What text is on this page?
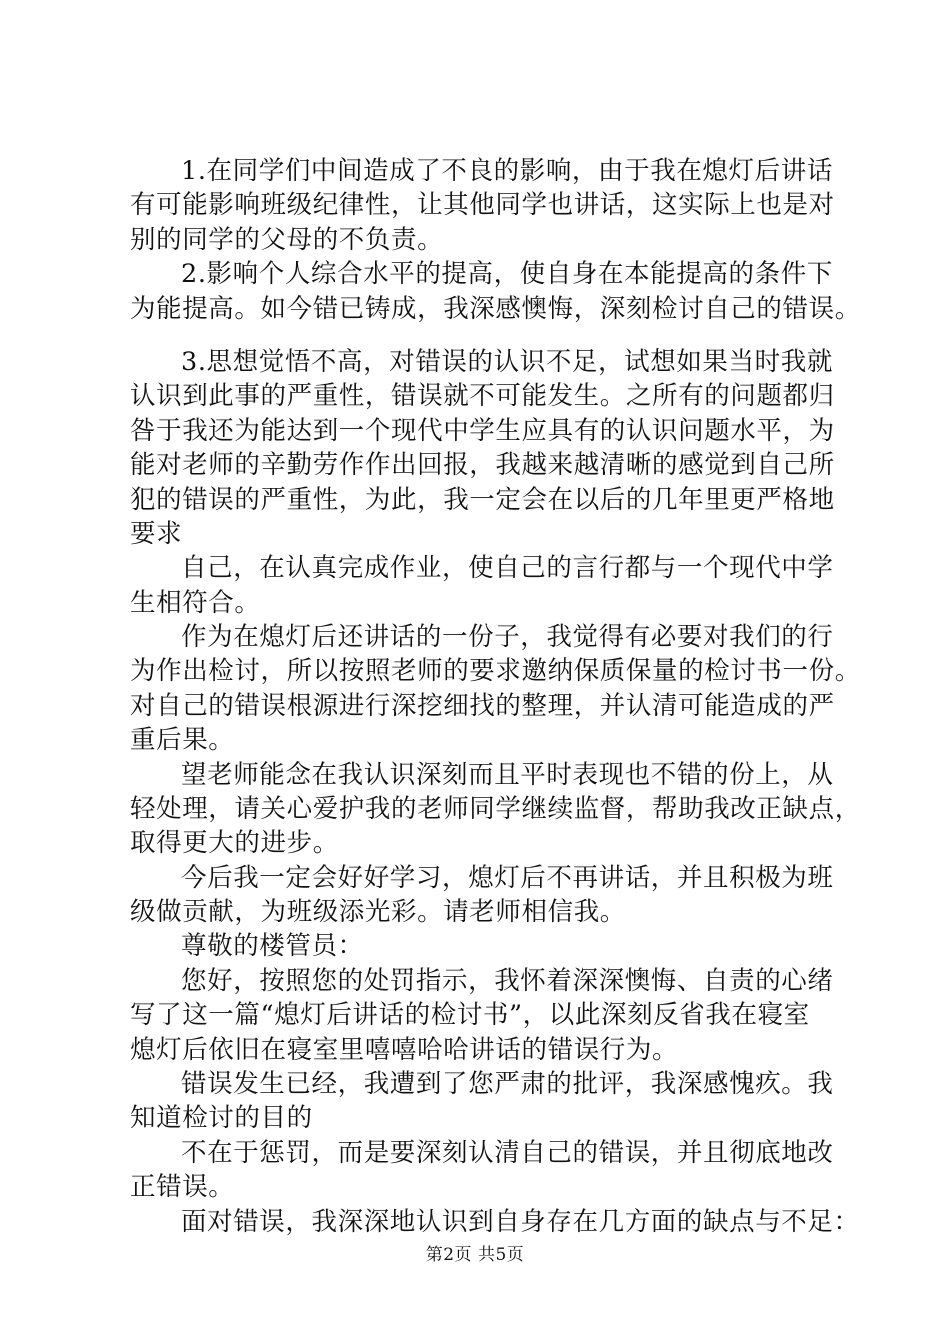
1.在同学们中间造成了不良的影响，由于我在熄灯后讲话
有可能影响班级纪律性，让其他同学也讲话，这实际上也是对
别的同学的父母的不负责。
2.影响个人综合水平的提高，使自身在本能提高的条件下
为能提高。如今错已铸成，我深感懊悔，深刻检讨自己的错误。
3.思想觉悟不高，对错误的认识不足，试想如果当时我就
认识到此事的严重性，错误就不可能发生。之所有的问题都归
咎于我还为能达到一个现代中学生应具有的认识问题水平，为
能对老师的辛勤劳作作出回报，我越来越清晰的感觉到自己所
犯的错误的严重性，为此，我一定会在以后的几年里更严格地
要求
自己，在认真完成作业，使自己的言行都与一个现代中学
生相符合。
作为在熄灯后还讲话的一份子，我觉得有必要对我们的行
为作出检讨，所以按照老师的要求邀纳保质保量的检讨书一份。
对自己的错误根源进行深挖细找的整理，并认清可能造成的严
重后果。
望老师能念在我认识深刻而且平时表现也不错的份上，从
轻处理，请关心爱护我的老师同学继续监督，帮助我改正缺点，
取得更大的进步。
今后我一定会好好学习，熄灯后不再讲话，并且积极为班
级做贡献，为班级添光彩。请老师相信我。
尊敬的楼管员：
您好，按照您的处罚指示，我怀着深深懊悔、自责的心绪
写了这一篇“熄灯后讲话的检讨书”，以此深刻反省我在寝室
熄灯后依旧在寝室里嘻嘻哈哈讲话的错误行为。
错误发生已经，我遭到了您严肃的批评，我深感愧疚。我
知道检讨的目的
不在于惩罚，而是要深刻认清自己的错误，并且彻底地改
正错误。
面对错误，我深深地认识到自身存在几方面的缺点与不足：
第2页 共5页
